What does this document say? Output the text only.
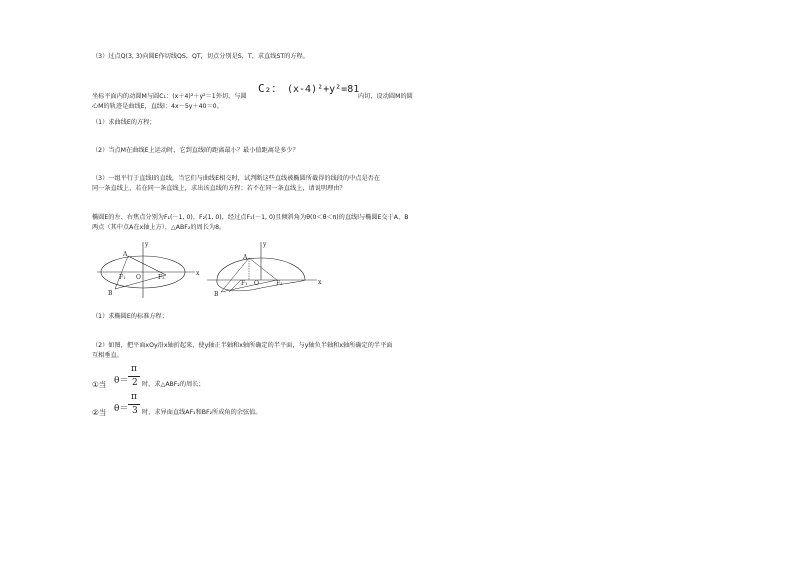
（3）过点Q(3, 3)向圆E作切线QS，QT，切点分别是S，T，求直线ST的方程。
坐标平面内的动圆M与圆C₁：(x＋4)²＋y²＝1外切，与圆
C₂： (x-4)²+y²=81
内切，设动圆M的圆
心M的轨迹是曲线E，直线l：4x－5y＋40＝0。
（1）求曲线E的方程；
（2）当点M在曲线E上运动时，它到直线l的距离最小？最小值距离是多少？
（3）一组平行于直线l的直线，当它们与曲线E相交时，试判断这些直线被椭圆所截得的线段的中点是否在
同一条直线上，若在同一条直线上，求出该直线的方程；若不在同一条直线上，请说明理由？
椭圆E的左、右焦点分别为F₁(－1, 0)，F₂(1, 0)，经过点F₁(－1, 0)且倾斜角为θ(0＜θ＜π)的直线l与椭圆E交于A、B
两点（其中点A在x轴上方），△ABF₂的周长为8。
y
A
F₁ O	F₂
x
B
y
A
F₁ O	F₂	x
B
（1）求椭圆E的标准方程；
（2）如图，把平面xOy沿x轴折起来，使y轴正半轴和x轴所确定的半平面，与y轴负半轴和x轴所确定的半平面
互相垂直。
①当 θ＝
π
2 时，求△ABF₂的周长；
②当 θ＝
π
3 时，求异面直线AF₁和BF₂所成角的余弦值。
